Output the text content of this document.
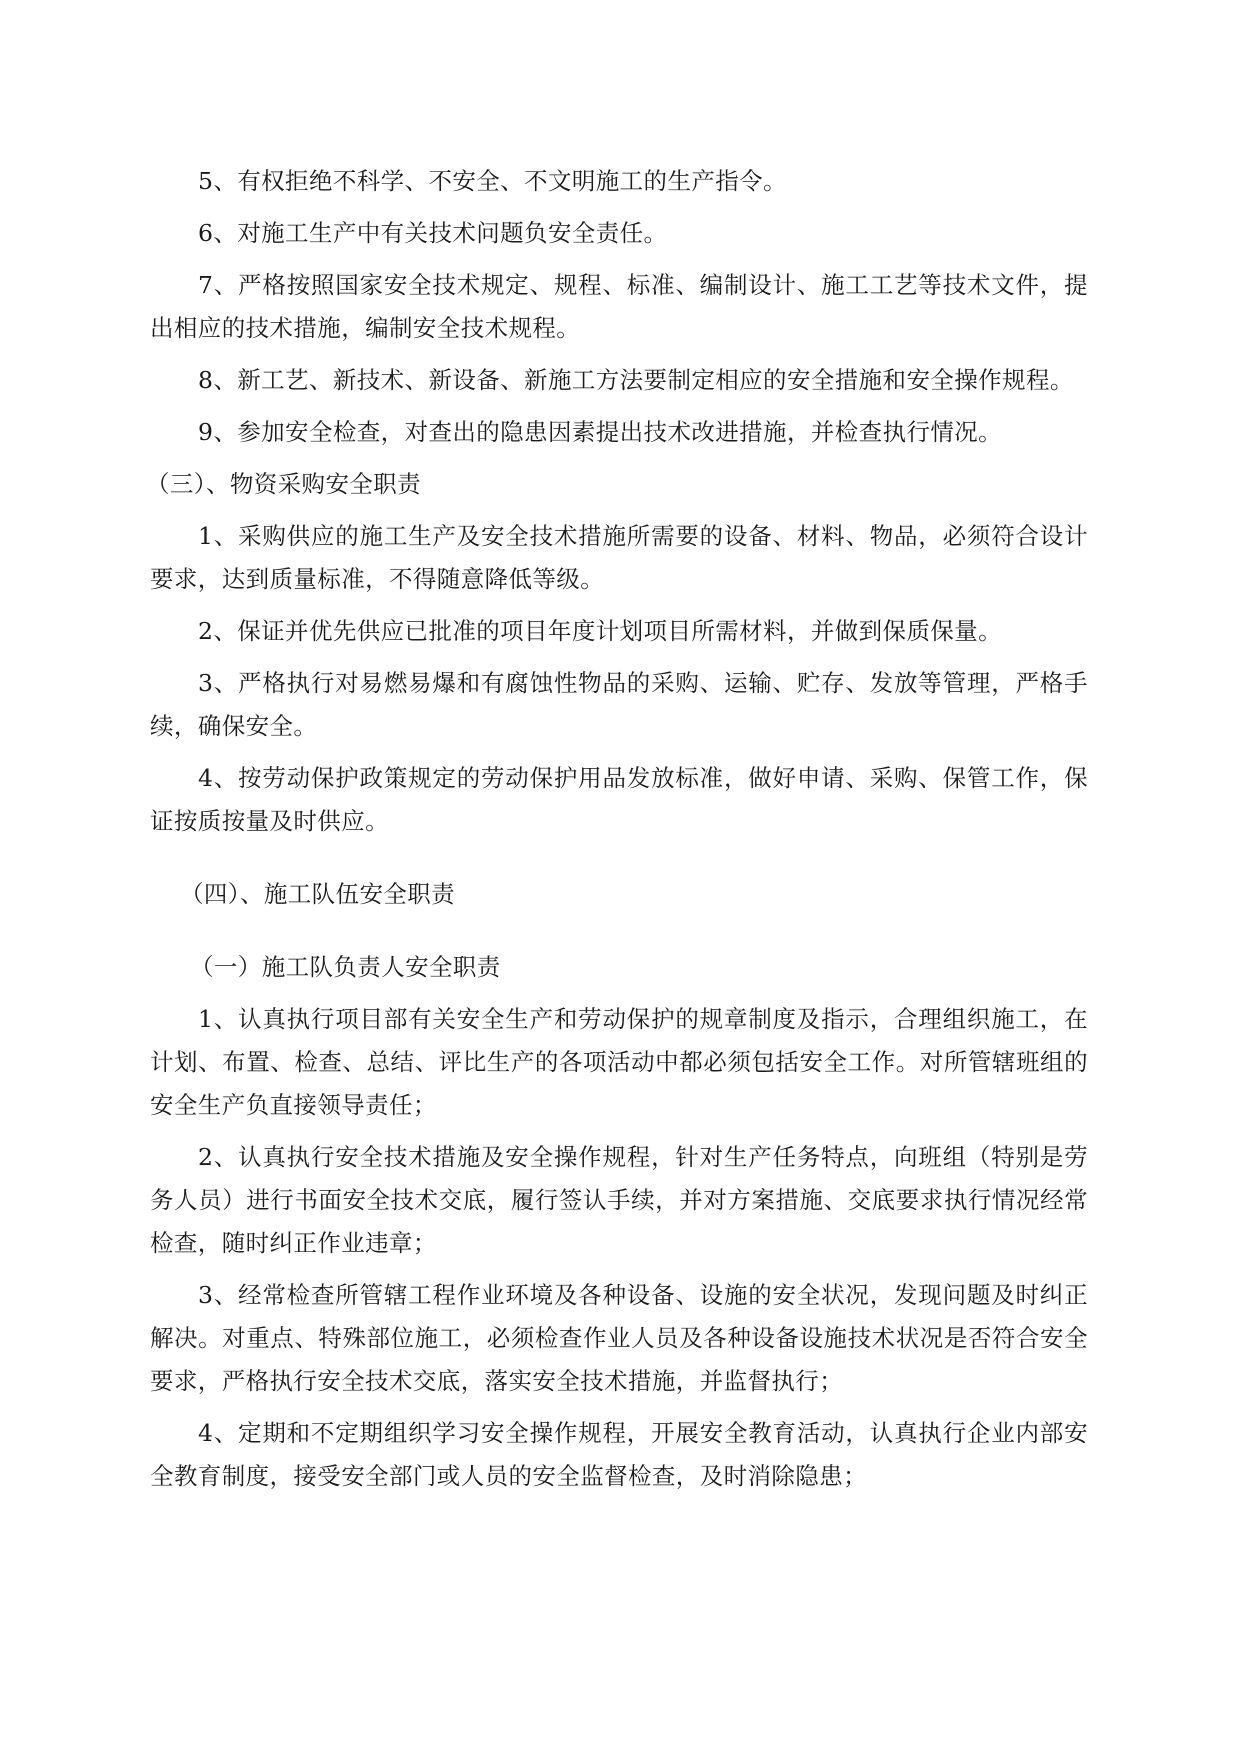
5、有权拒绝不科学、不安全、不文明施工的生产指令。

6、对施工生产中有关技术问题负安全责任。

7、严格按照国家安全技术规定、规程、标准、编制设计、施工工艺等技术文件，提出相应的技术措施，编制安全技术规程。

8、新工艺、新技术、新设备、新施工方法要制定相应的安全措施和安全操作规程。

9、参加安全检查，对查出的隐患因素提出技术改进措施，并检查执行情况。

（三）、物资采购安全职责

1、采购供应的施工生产及安全技术措施所需要的设备、材料、物品，必须符合设计要求，达到质量标准，不得随意降低等级。

2、保证并优先供应已批准的项目年度计划项目所需材料，并做到保质保量。

3、严格执行对易燃易爆和有腐蚀性物品的采购、运输、贮存、发放等管理，严格手续，确保安全。

4、按劳动保护政策规定的劳动保护用品发放标准，做好申请、采购、保管工作，保证按质按量及时供应。

（四）、施工队伍安全职责

（一）施工队负责人安全职责

1、认真执行项目部有关安全生产和劳动保护的规章制度及指示，合理组织施工，在计划、布置、检查、总结、评比生产的各项活动中都必须包括安全工作。对所管辖班组的安全生产负直接领导责任；

2、认真执行安全技术措施及安全操作规程，针对生产任务特点，向班组（特别是劳务人员）进行书面安全技术交底，履行签认手续，并对方案措施、交底要求执行情况经常检查，随时纠正作业违章；

3、经常检查所管辖工程作业环境及各种设备、设施的安全状况，发现问题及时纠正解决。对重点、特殊部位施工，必须检查作业人员及各种设备设施技术状况是否符合安全要求，严格执行安全技术交底，落实安全技术措施，并监督执行；

4、定期和不定期组织学习安全操作规程，开展安全教育活动，认真执行企业内部安全教育制度，接受安全部门或人员的安全监督检查，及时消除隐患；
